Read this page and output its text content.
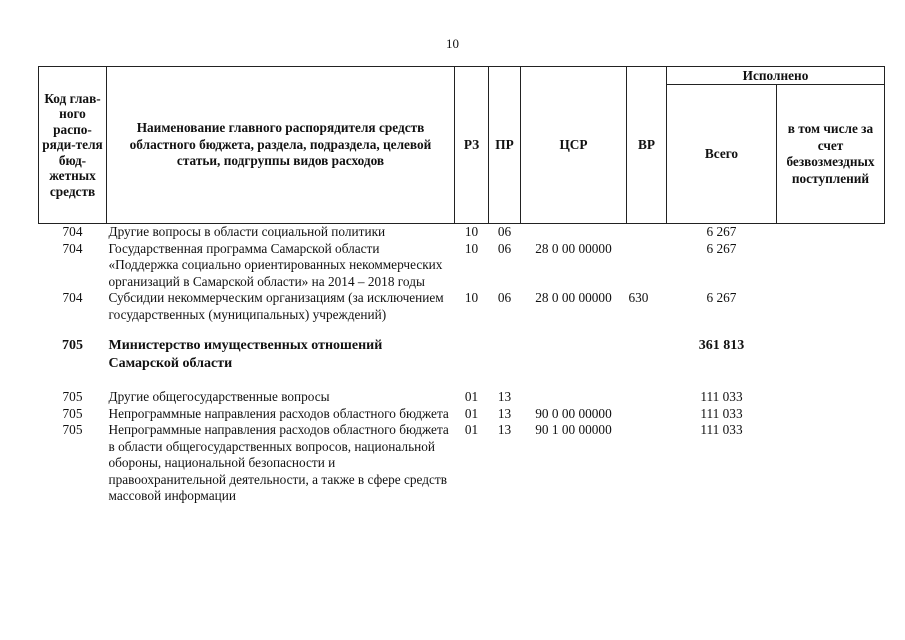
10
Код глав-ного распо-ряди-теля бюд-жетных средств	Наименование главного распорядителя средств областного бюджета, раздела, подраздела, целевой статьи, подгруппы видов расходов	РЗ	ПР	ЦСР	ВР	Исполнено	
						Всего	в том числе за счет безвозмездных поступлений
704	Другие вопросы в области социальной политики	10	06			6 267	
704	Государственная программа Самарской области «Поддержка социально ориентированных некоммерческих организаций в Самарской области» на 2014 – 2018 годы	10	06	28 0 00 00000		6 267	
704	Субсидии некоммерческим организациям (за исключением государственных (муниципальных) учреждений)	10	06	28 0 00 00000	630	6 267	

705	Министерство имущественных отношений Самарской области					361 813	

705	Другие общегосударственные вопросы	01	13			111 033	
705	Непрограммные направления расходов областного бюджета	01	13	90 0 00 00000		111 033	
705	Непрограммные направления расходов областного бюджета в области общегосударственных вопросов, национальной обороны, национальной безопасности и правоохранительной деятельности, а также в сфере средств массовой информации	01	13	90 1 00 00000		111 033	
